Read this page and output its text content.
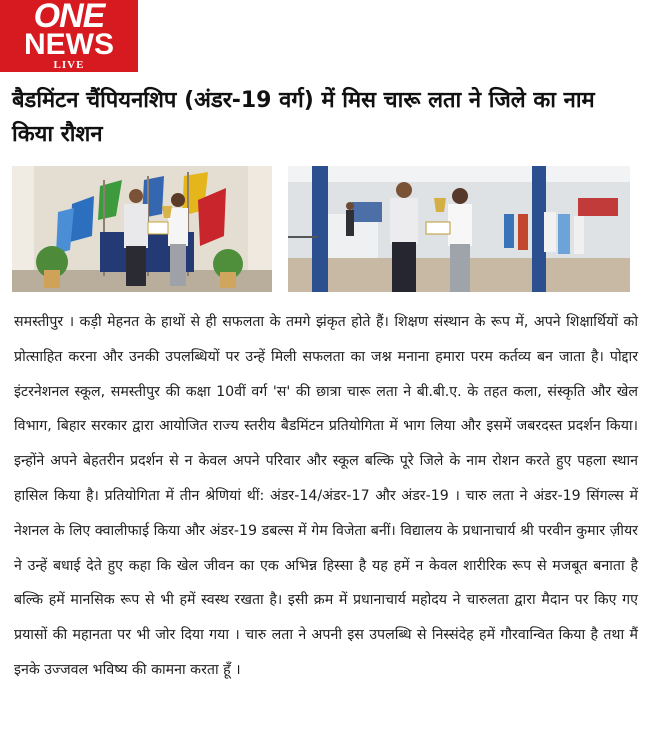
ONE
NEWS
LIVE
बैडमिंटन चैंपियनशिप (अंडर-19 वर्ग) में मिस चारू लता ने जिले का नाम किया रौशन

समस्तीपुर । कड़ी मेहनत के हाथों से ही सफलता के तमगे झंकृत होते हैं। शिक्षण संस्थान के रूप में, अपने शिक्षार्थियों को प्रोत्साहित करना और उनकी उपलब्धियों पर उन्हें मिली सफलता का जश्न मनाना हमारा परम कर्तव्य बन जाता है। पोद्दार इंटरनेशनल स्कूल, समस्तीपुर की कक्षा 10वीं वर्ग 'स' की छात्रा चारू लता ने बी.बी.ए. के तहत कला, संस्कृति और खेल विभाग, बिहार सरकार द्वारा आयोजित राज्य स्तरीय बैडमिंटन प्रतियोगिता में भाग लिया और इसमें जबरदस्त प्रदर्शन किया। इन्होंने अपने बेहतरीन प्रदर्शन से न केवल अपने परिवार और स्कूल बल्कि पूरे जिले के नाम रोशन करते हुए पहला स्थान हासिल किया है। प्रतियोगिता में तीन श्रेणियां थीं: अंडर-14/अंडर-17 और अंडर-19 । चारु लता ने अंडर-19 सिंगल्स में नेशनल के लिए क्वालीफाई किया और अंडर-19 डबल्स में गेम विजेता बनीं। विद्यालय के प्रधानाचार्य श्री परवीन कुमार ज़ीयर ने उन्हें बधाई देते हुए कहा कि खेल जीवन का एक अभिन्न हिस्सा है यह हमें न केवल शारीरिक रूप से मजबूत बनाता है बल्कि हमें मानसिक रूप से भी हमें स्वस्थ रखता है। इसी क्रम में प्रधानाचार्य महोदय ने चारुलता द्वारा मैदान पर किए गए प्रयासों की महानता पर भी जोर दिया गया । चारु लता ने अपनी इस उपलब्धि से निस्संदेह हमें गौरवान्वित किया है तथा मैं इनके उज्जवल भविष्य की कामना करता हूँ ।
